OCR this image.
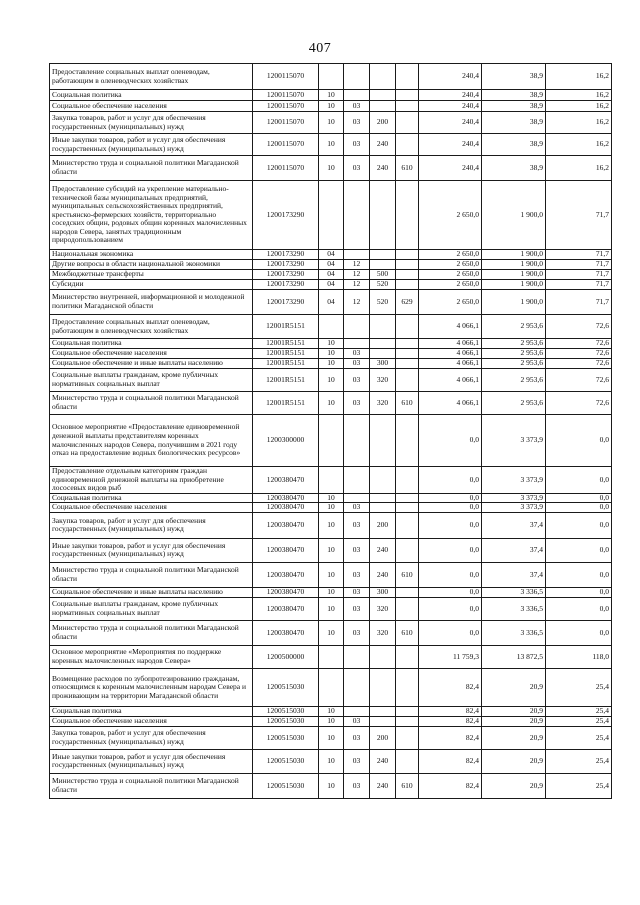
407
Предоставление социальных выплат оленеводам, работающим в оленеводческих хозяйствах	1200115070					240,4	38,9	16,2
Социальная политика	1200115070	10				240,4	38,9	16,2
Социальное обеспечение населения	1200115070	10	03			240,4	38,9	16,2
Закупка товаров, работ и услуг для обеспечения государственных (муниципальных) нужд	1200115070	10	03	200		240,4	38,9	16,2
Иные закупки товаров, работ и услуг для обеспечения государственных (муниципальных) нужд	1200115070	10	03	240		240,4	38,9	16,2
Министерство труда и социальной политики Магаданской области	1200115070	10	03	240	610	240,4	38,9	16,2
Предоставление субсидий на укрепление материально-технической базы муниципальных предприятий, муниципальных сельскохозяйственных предприятий, крестьянско-фермерских хозяйств, территориально соседских общин, родовых общин коренных малочисленных народов Севера, занятых традиционным природопользованием	1200173290					2 650,0	1 900,0	71,7
Национальная экономика	1200173290	04				2 650,0	1 900,0	71,7
Другие вопросы в области национальной экономики	1200173290	04	12			2 650,0	1 900,0	71,7
Межбюджетные трансферты	1200173290	04	12	500		2 650,0	1 900,0	71,7
Субсидии	1200173290	04	12	520		2 650,0	1 900,0	71,7
Министерство внутренней, информационной и молодежной политики Магаданской области	1200173290	04	12	520	629	2 650,0	1 900,0	71,7
Предоставление социальных выплат оленеводам, работающим в оленеводческих хозяйствах	12001R5151					4 066,1	2 953,6	72,6
Социальная политика	12001R5151	10				4 066,1	2 953,6	72,6
Социальное обеспечение населения	12001R5151	10	03			4 066,1	2 953,6	72,6
Социальное обеспечение и иные выплаты населению	12001R5151	10	03	300		4 066,1	2 953,6	72,6
Социальные выплаты гражданам, кроме публичных нормативных социальных выплат	12001R5151	10	03	320		4 066,1	2 953,6	72,6
Министерство труда и социальной политики Магаданской области	12001R5151	10	03	320	610	4 066,1	2 953,6	72,6
Основное мероприятие «Предоставление единовременной денежной выплаты представителям коренных малочисленных народов Севера, получившим в 2021 году отказ на предоставление водных биологических ресурсов»	1200300000					0,0	3 373,9	0,0
Предоставление отдельным категориям граждан единовременной денежной выплаты на приобретение лососевых видов рыб	1200380470					0,0	3 373,9	0,0
Социальная политика	1200380470	10				0,0	3 373,9	0,0
Социальное обеспечение населения	1200380470	10	03			0,0	3 373,9	0,0
Закупка товаров, работ и услуг для обеспечения государственных (муниципальных) нужд	1200380470	10	03	200		0,0	37,4	0,0
Иные закупки товаров, работ и услуг для обеспечения государственных (муниципальных) нужд	1200380470	10	03	240		0,0	37,4	0,0
Министерство труда и социальной политики Магаданской области	1200380470	10	03	240	610	0,0	37,4	0,0
Социальное обеспечение и иные выплаты населению	1200380470	10	03	300		0,0	3 336,5	0,0
Социальные выплаты гражданам, кроме публичных нормативных социальных выплат	1200380470	10	03	320		0,0	3 336,5	0,0
Министерство труда и социальной политики Магаданской области	1200380470	10	03	320	610	0,0	3 336,5	0,0
Основное мероприятие «Мероприятия по поддержке коренных малочисленных народов Севера»	1200500000					11 759,3	13 872,5	118,0
Возмещение расходов по зубопротезированию гражданам, относящимся к коренным малочисленным народам Севера и проживающим на территории Магаданской области	1200515030					82,4	20,9	25,4
Социальная политика	1200515030	10				82,4	20,9	25,4
Социальное обеспечение населения	1200515030	10	03			82,4	20,9	25,4
Закупка товаров, работ и услуг для обеспечения государственных (муниципальных) нужд	1200515030	10	03	200		82,4	20,9	25,4
Иные закупки товаров, работ и услуг для обеспечения государственных (муниципальных) нужд	1200515030	10	03	240		82,4	20,9	25,4
Министерство труда и социальной политики Магаданской области	1200515030	10	03	240	610	82,4	20,9	25,4
